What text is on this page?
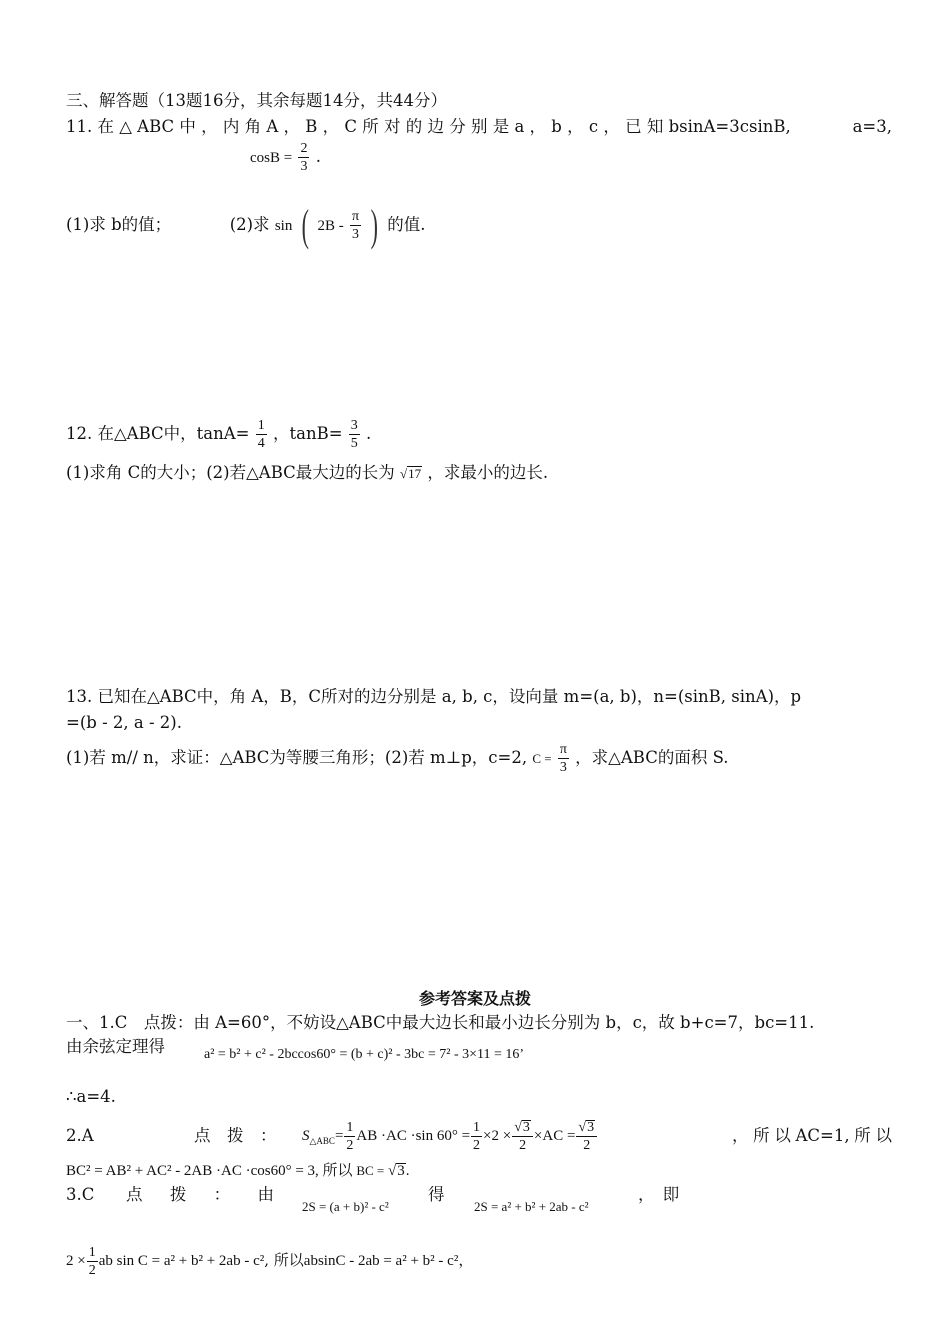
三、解答题（13题16分，其余每题14分，共44分）
11. 在 △ ABC 中 ， 内 角 A ， B ， C 所 对 的 边 分 别 是 a ， b ， c ， 已 知 bsinA=3csinB,	a=3,
$\cos B = \frac{2}{3}$ .
(1)求 b的值；	(2)求 sin ( $2B - \frac{\pi}{3}$ ) 的值.
12. 在△ABC中，$\tan A= \frac{1}{4}$ ，$\tan B= \frac{3}{5}$ .
(1)求角 C的大小；(2)若△ABC最大边的长为 √17 ，求最小的边长.
13. 已知在△ABC中，角 A，B，C所对的边分别是 a, b, c，设向量 m=(a, b)，n=(sinB, sinA)，p
=(b - 2, a - 2).
(1)若 m// n，求证：△ABC为等腰三角形；(2)若 m⊥p，c=2, $C = \frac{\pi}{3}$ ，求△ABC的面积 S.
参考答案及点拨
一、1.C　点拨：由 A=60°，不妨设△ABC中最大边长和最小边长分别为 b，c，故 b+c=7，bc=11.
由余弦定理得	a² = b² + c² - 2bccos60° = (b + c)² - 3bc = 7² - 3×11 = 16’
∴a=4.
2.A	点　拨　： $S_{\triangle ABC}= \frac{1}{2}$ AB ·AC ·sin $60^\circ = \frac{1}{2} \times 2 \times \frac{√3}{2} \times AC = \frac{√3}{2}$	， 所 以 AC=1, 所 以
BC² = AB² + AC² - 2AB ·AC ·cos60° = 3, 所以 BC = √3.
3.C 点 拨 ： 由
2S = (a + b)² - c²
得
2S = a² + b² + 2ab - c²
，　即
$2 \times \frac{1}{2}$ ab sin C = a² + b² + 2ab - c², 所以absinC - 2ab = a² + b² - c²，
